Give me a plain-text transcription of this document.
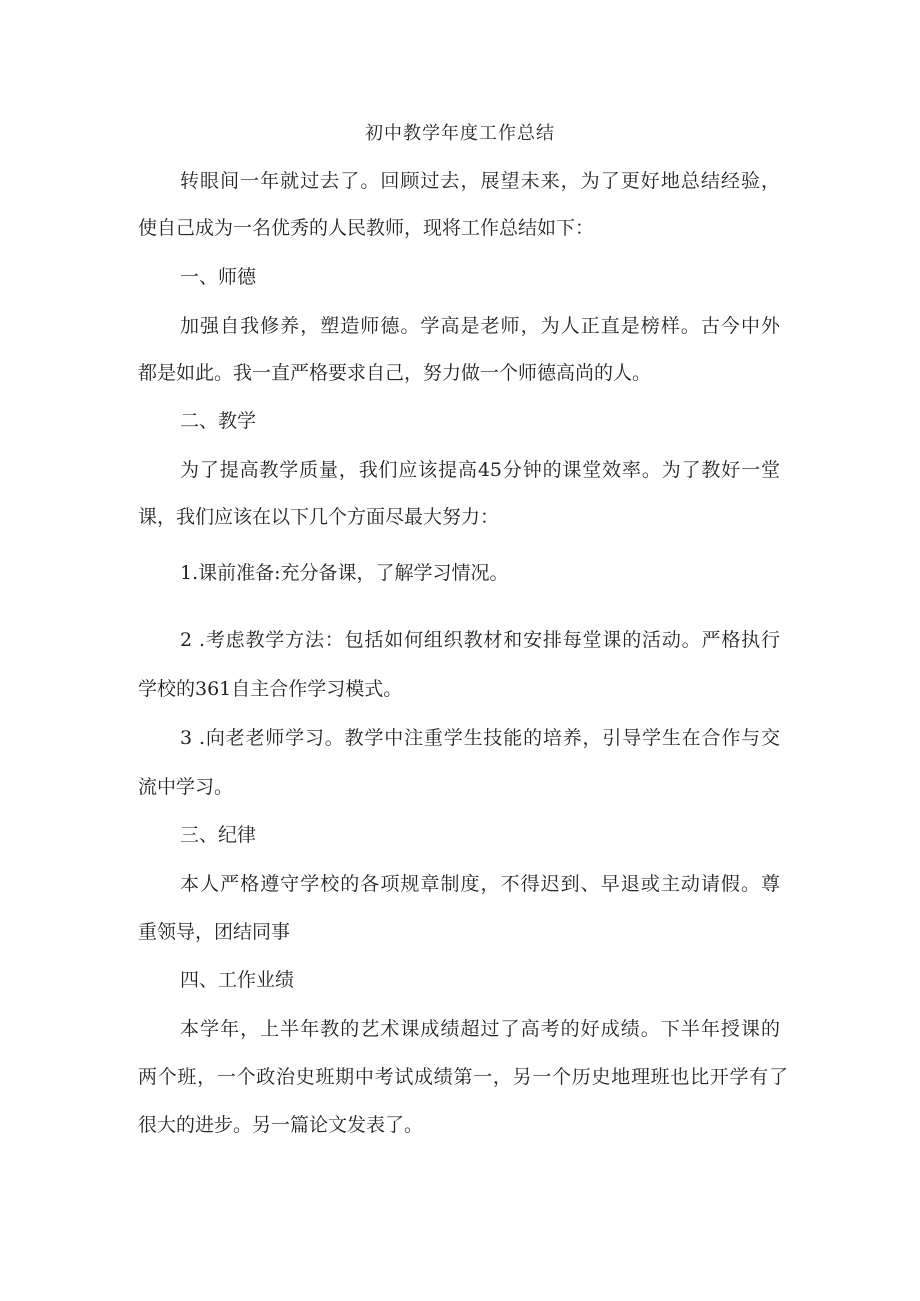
初中教学年度工作总结
转眼间一年就过去了。回顾过去，展望未来，为了更好地总结经验，
使自己成为一名优秀的人民教师，现将工作总结如下：
一、师德
加强自我修养，塑造师德。学高是老师，为人正直是榜样。古今中外
都是如此。我一直严格要求自己，努力做一个师德高尚的人。
二、教学
为了提高教学质量，我们应该提高45分钟的课堂效率。为了教好一堂
课，我们应该在以下几个方面尽最大努力：
1.课前准备:充分备课，了解学习情况。
2 .考虑教学方法：包括如何组织教材和安排每堂课的活动。严格执行
学校的361自主合作学习模式。
3 .向老老师学习。教学中注重学生技能的培养，引导学生在合作与交
流中学习。
三、纪律
本人严格遵守学校的各项规章制度，不得迟到、早退或主动请假。尊
重领导，团结同事
四、工作业绩
本学年，上半年教的艺术课成绩超过了高考的好成绩。下半年授课的
两个班，一个政治史班期中考试成绩第一，另一个历史地理班也比开学有了
很大的进步。另一篇论文发表了。
